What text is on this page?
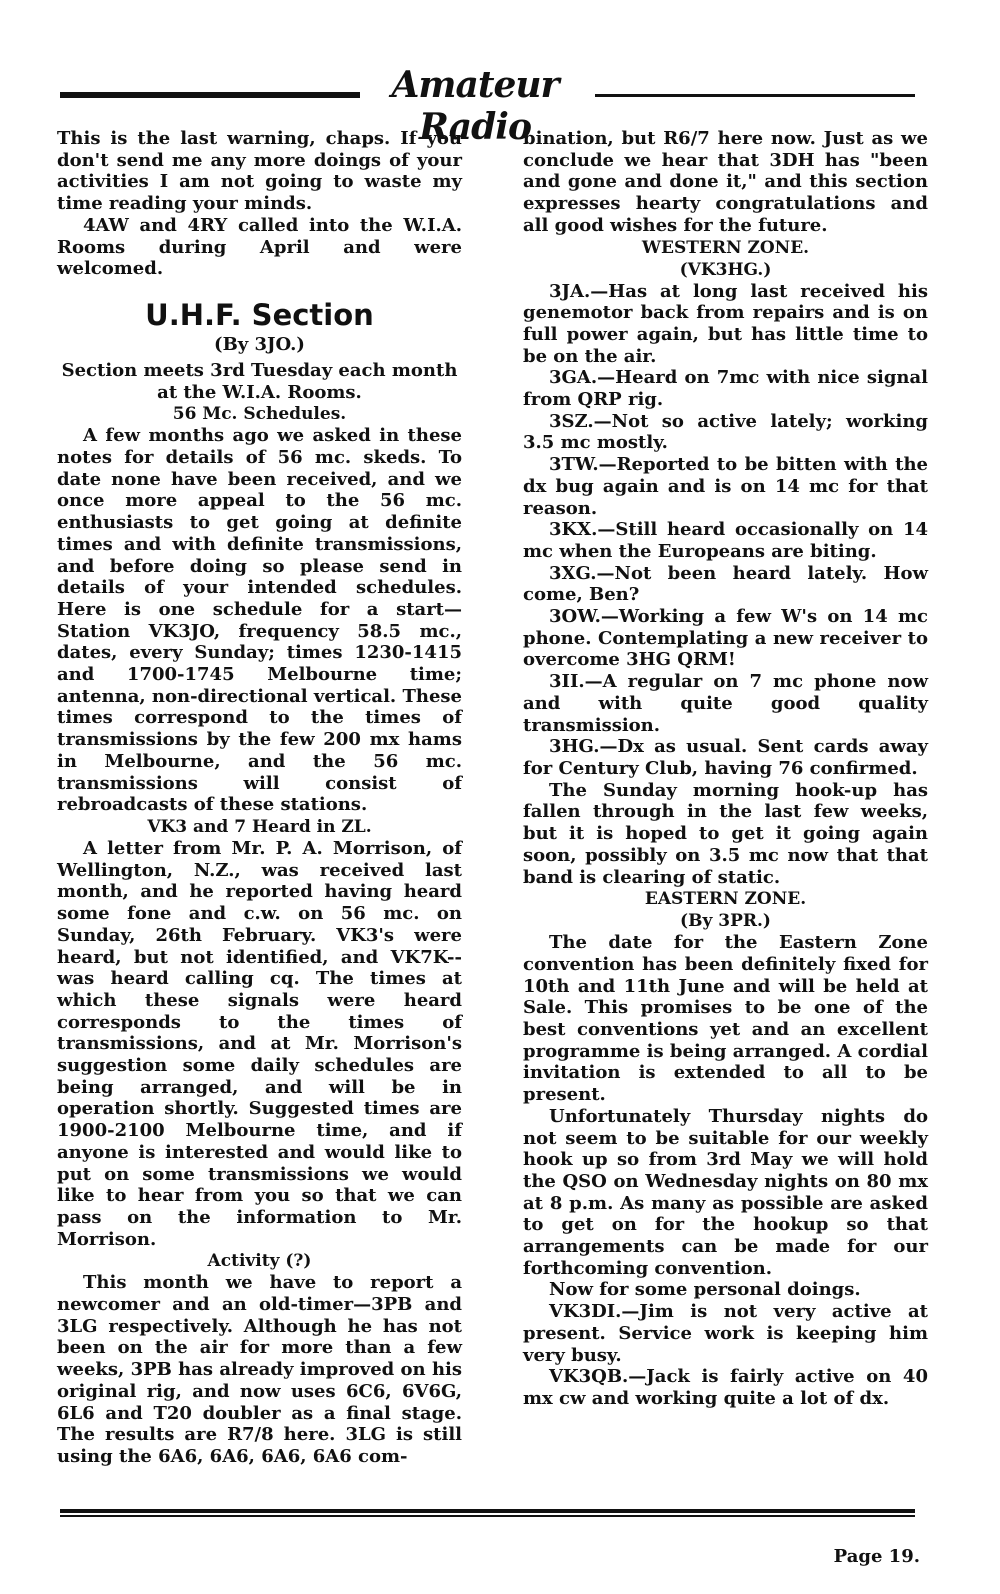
Amateur Radio

This is the last warning, chaps. If you don't send me any more doings of your activities I am not going to waste my time reading your minds.

4AW and 4RY called into the W.I.A. Rooms during April and were welcomed.

U.H.F. Section
(By 3JO.)

Section meets 3rd Tuesday each month at the W.I.A. Rooms.

56 Mc. Schedules.

A few months ago we asked in these notes for details of 56 mc. skeds. To date none have been received, and we once more appeal to the 56 mc. enthusiasts to get going at definite times and with definite transmissions, and before doing so please send in details of your intended schedules. Here is one schedule for a start—Station VK3JO, frequency 58.5 mc., dates, every Sunday; times 1230-1415 and 1700-1745 Melbourne time; antenna, non-directional vertical. These times correspond to the times of transmissions by the few 200 mx hams in Melbourne, and the 56 mc. transmissions will consist of rebroadcasts of these stations.

VK3 and 7 Heard in ZL.

A letter from Mr. P. A. Morrison, of Wellington, N.Z., was received last month, and he reported having heard some fone and c.w. on 56 mc. on Sunday, 26th February. VK3's were heard, but not identified, and VK7K--was heard calling cq. The times at which these signals were heard corresponds to the times of transmissions, and at Mr. Morrison's suggestion some daily schedules are being arranged, and will be in operation shortly. Suggested times are 1900-2100 Melbourne time, and if anyone is interested and would like to put on some transmissions we would like to hear from you so that we can pass on the information to Mr. Morrison.

Activity (?)

This month we have to report a newcomer and an old-timer—3PB and 3LG respectively. Although he has not been on the air for more than a few weeks, 3PB has already improved on his original rig, and now uses 6C6, 6V6G, 6L6 and T20 doubler as a final stage. The results are R7/8 here. 3LG is still using the 6A6, 6A6, 6A6, 6A6 com-

bination, but R6/7 here now. Just as we conclude we hear that 3DH has "been and gone and done it," and this section expresses hearty congratulations and all good wishes for the future.

WESTERN ZONE.
(VK3HG.)

3JA.—Has at long last received his genemotor back from repairs and is on full power again, but has little time to be on the air.

3GA.—Heard on 7mc with nice signal from QRP rig.

3SZ.—Not so active lately; working 3.5 mc mostly.

3TW.—Reported to be bitten with the dx bug again and is on 14 mc for that reason.

3KX.—Still heard occasionally on 14 mc when the Europeans are biting.

3XG.—Not been heard lately. How come, Ben?

3OW.—Working a few W's on 14 mc phone. Contemplating a new receiver to overcome 3HG QRM!

3II.—A regular on 7 mc phone now and with quite good quality transmission.

3HG.—Dx as usual. Sent cards away for Century Club, having 76 confirmed.

The Sunday morning hook-up has fallen through in the last few weeks, but it is hoped to get it going again soon, possibly on 3.5 mc now that that band is clearing of static.

EASTERN ZONE.
(By 3PR.)

The date for the Eastern Zone convention has been definitely fixed for 10th and 11th June and will be held at Sale. This promises to be one of the best conventions yet and an excellent programme is being arranged. A cordial invitation is extended to all to be present.

Unfortunately Thursday nights do not seem to be suitable for our weekly hook up so from 3rd May we will hold the QSO on Wednesday nights on 80 mx at 8 p.m. As many as possible are asked to get on for the hookup so that arrangements can be made for our forthcoming convention.

Now for some personal doings.

VK3DI.—Jim is not very active at present. Service work is keeping him very busy.

VK3QB.—Jack is fairly active on 40 mx cw and working quite a lot of dx.

Page 19.
